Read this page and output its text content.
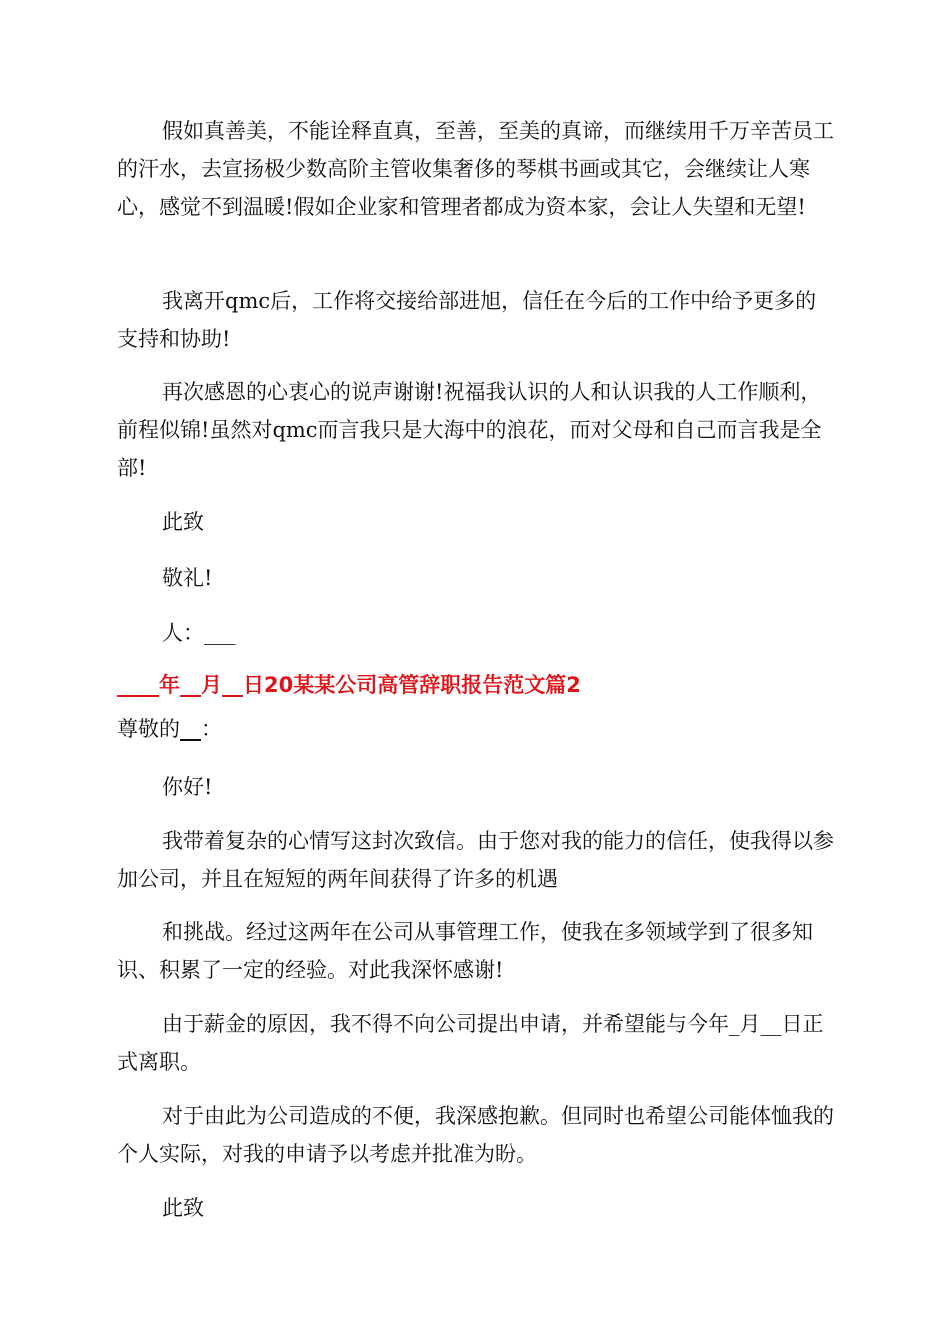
假如真善美，不能诠释直真，至善，至美的真谛，而继续用千万辛苦员工的汗水，去宣扬极少数高阶主管收集奢侈的琴棋书画或其它，会继续让人寒心，感觉不到温暖!假如企业家和管理者都成为资本家，会让人失望和无望!
我离开qmc后，工作将交接给部进旭，信任在今后的工作中给予更多的支持和协助!
再次感恩的心衷心的说声谢谢!祝福我认识的人和认识我的人工作顺利，前程似锦!虽然对qmc而言我只是大海中的浪花，而对父母和自己而言我是全部!
此致
敬礼!
人：___
____年__月__日20某某公司高管辞职报告范文篇2
尊敬的__：
你好!
我带着复杂的心情写这封次致信。由于您对我的能力的信任，使我得以参加公司，并且在短短的两年间获得了许多的机遇
和挑战。经过这两年在公司从事管理工作，使我在多领域学到了很多知识、积累了一定的经验。对此我深怀感谢!
由于薪金的原因，我不得不向公司提出申请，并希望能与今年_月__日正式离职。
对于由此为公司造成的不便，我深感抱歉。但同时也希望公司能体恤我的个人实际，对我的申请予以考虑并批准为盼。
此致
